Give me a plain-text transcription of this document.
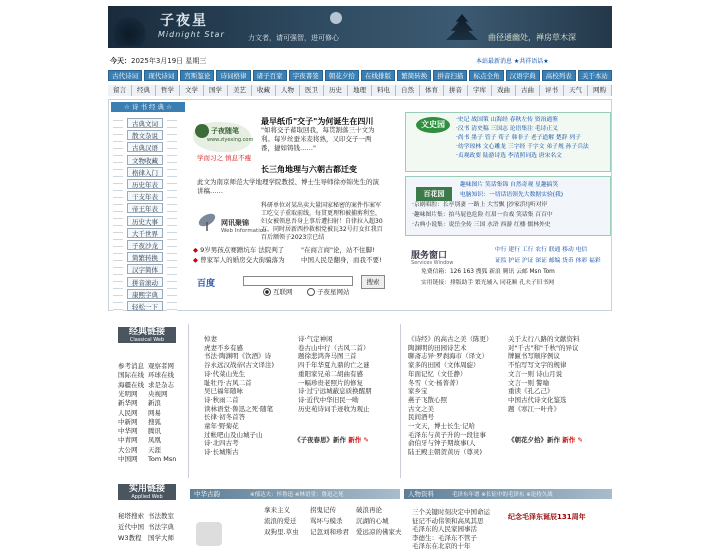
子夜星
Midnight Star	力文者，请可强智，进可修心	曲径通幽处，禅房草木深
今天：2025年3月19日 星期三	本站最新消息 ★共祥语话★
古代诗词	现代诗词	宫斯鉴论	诗词格律	诸子百家	字夜書签	朝花夕拾	在线排版	繁简转换	拼音扫描	标点全角	汉语字典	高校列表	关于本站
留言	经典	哲学	文学	国学	美艺	收藏	人物	医卫	历史	地理	料电	自然	体育	拼音	字库	戏曲	古曲	评书	天气	网购
☆ 诗 书 经 典 ☆
最早纸币"交子"为何诞生在四川
子夜随笔
www.ziyexing.com
学而习之 慎息不瘦
"如将交子蓄取回我，每贯割落三十文为利。每岁丝蚕米麦将熟，又印交子一两番，捷如铸钱……"
长三角地理与六朝古都迁变
此文为南京师范大学地理学院教授、博士生导师徐亦锦先生的演讲稿……
网讯聚锦
Web Information
科研单位对某出卖大量国家秘密的案件作案军工吃交子重取前线，每贯更理和被捕剪利至，妇女被领息吾身上事后遭扫射！自律拉入超30万。同时居新西抄救相党被瓦32号打女扛我百百后额领子2023宗已结
◆ 9岁男孩点赛蹭坑车 法院判了	"在商言商"论，站不住脚!
◆ 曾家军人的婚房交大街骗落为	中国人民是翻身，而我不要!
百度	搜索
互联网	子夜星网站
文史园	·史记 战国策 山海经 春秋左传 资治通鉴
·汉书 清史稿 三国志 论语集注 毛诗正义
·尚书 墨子 管子 荀子 韩非子 老子道解 楚辞 列子
·幼学琼林 文心雕龙 三字经 千字文 弟子规 孙子兵法
·贞观政要 陆游诗选 李清照词选 唐宋名文
百花园
趣味图片 笑话集锦 自然奇观 星趣搞笑
电脑知识：一切话语领先大数据实验(我)
·京剧唱腔：长亭别妻 一路上 大雪飘 |沙家浜!|听对岸
·趣味图片集：拍马屁也危险 红眉一台戏 笑话集 百百中
·古典小说集：说岳全传 三国 水浒 西游 红楼 儒林外史
服务窗口
Services Window
中行 建行 工行 农行 联通 移动 电信
证监 护证 沪证 深证 邮编 货币 体彩 福彩
免费信箱：126 163 搜狐 新浪 腾讯 云邮 Msn Tom
实用链接：排版助手 繁光辅入 同花顺 孔夫子旧书网
古典文词
散文杂说
古典汉语
文物收藏
格律入门
历史年表
干支年表
帝王年表
历史大事
大千世界
子夜沙龙
简繁转换
汉字简体
拼音滚动
康熙字典
轻松一下
经典链接
Classical Web
《子夜春思》新作 新作 ✎	《朝花夕拾》新作 新作 ✎
实用链接
Applied Web	中华古韵	※郁达夫：怀鲁迅 ※林语堂：鲁迅之死	人物资料	毛泽东年谱 ※长征中的毛泽东 ※论持久战
纪念毛泽东诞辰131周年
参考消息
国际在线
海疆在线
光明网
新华网
人民网
中新网
中华网
中青网
大公网
中国网
观察者网
环球在线
求是杂志
央视网
新浪
网易
搜狐
腾讯
凤凰
天涯
Tom Msn
悼妻
虎妻不乡有感
书法·陶渊明《饮酒》诗
谷永远汉战帝(古文译注)
诗·代菜山先生
耻牡丹·古风二首
吴巳福年随咏
诗·秋雨二首
读林语堂·鲁迅之死·随笔
长律·初冬首答
童年·野菊花
过帐吧山及山城子山
诗·北四古考
诗·长城斯古
诗·气定神闲
卷古山中行（古风二首）
题徐悲鸿奔马图三首
四千年华夏九鼎的亡之谜
重阳家兄弟二胡曲有感
一幅珍贵老照片的修复
诗·过宁远城蔽息质换醒朋
诗·近代中华旧民一呦
历史苑诗词手迹收为观止
《诗经》的高古之美（陈更）
陶渊明的田园诗艺术
聊斋志异·罗刹海市（译文）
家多的田园（文体周旋）
年面记忆（文任静）
冬雪（文·杨菁菁）
家乡宝
燕子飞散心照
古文之美
民间酒号
一文天，博士长生·记哈
毛泽东与黄子升的一段往事
俞伯牙与钟子期故事(人
陆王殿主朝贺黄历（尊灵)
关于太行八路的文献资料
对"千古"和"千秋"的异议
牌匾书写顺序例议
不怕写写文字的规律
文言一则 诗山月说
文言一则 警喻
重读《孔乙己》
中国古代诗文化鉴选
题《寒江一叶舟》
秘塔搜索
近代中国
W3教程
书法教室
书法字典
国学大师
拿来主义	拐鬼记传	破浪再论
流浪的爱迁 骂坏与模杀 沉湖的心城
双狗里.草虫 记忽刘和珍君 爱远凉的佛家夫
三个关键时刻决定中国命运
征记不动伟领和高凤其思
毛泽东的人民家园事活
李德生：毛泽东不管子
毛泽东在北京的十年
